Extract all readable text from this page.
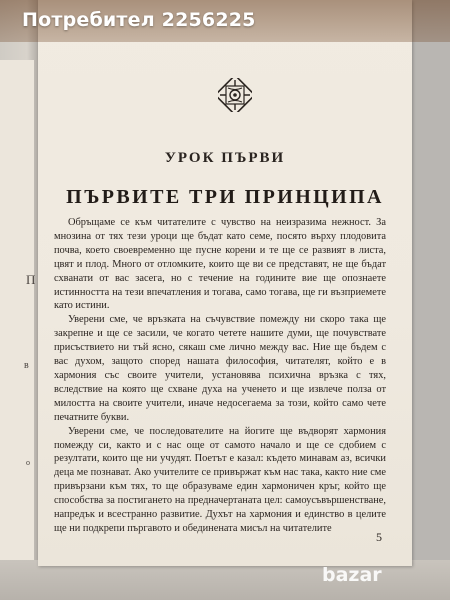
П
в
о
УРОК ПЪРВИ
ПЪРВИТЕ ТРИ ПРИНЦИПА

Обръщаме се към читателите с чувство на неизразима нежност. За мнозина от тях тези уроци ще бъдат като семе, посято върху плодовита почва, което своевременно ще пусне корени и те ще се развият в листа, цвят и плод. Много от отломките, които ще ви се представят, не ще бъдат схванати от вас засега, но с течение на годините вие ще опознаете истинността на тези впечатления и тогава, само тогава, ще ги възприемете като истини.

Уверени сме, че връзката на съчувствие помежду ни скоро така ще закрепне и ще се засили, че когато четете нашите думи, ще почувствате присъствието ни тъй ясно, сякаш сме лично между вас. Ние ще бъдем с вас духом, защото според нашата философия, читателят, който е в хармония със своите учители, установява психична връзка с тях, вследствие на която ще схване духа на ученето и ще извлече полза от милостта на своите учители, иначе недосегаема за този, който само чете печатните букви.

Уверени сме, че последователите на йогите ще въдворят хармония помежду си, както и с нас още от самото начало и ще се сдобием с резултати, които ще ни учудят. Поетът е казал: където минавам аз, всички деца ме познават. Ако учителите се привържат към нас така, както ние сме привързани към тях, то ще образуваме един хармоничен кръг, който ще способства за постигането на предначертаната цел: самоусъвършенстване, напредък и всестранно развитие. Духът на хармония и единство в целите ще ни подкрепи пъргавото и обединената мисъл на читателите

5
Потребител 2256225
bazar
